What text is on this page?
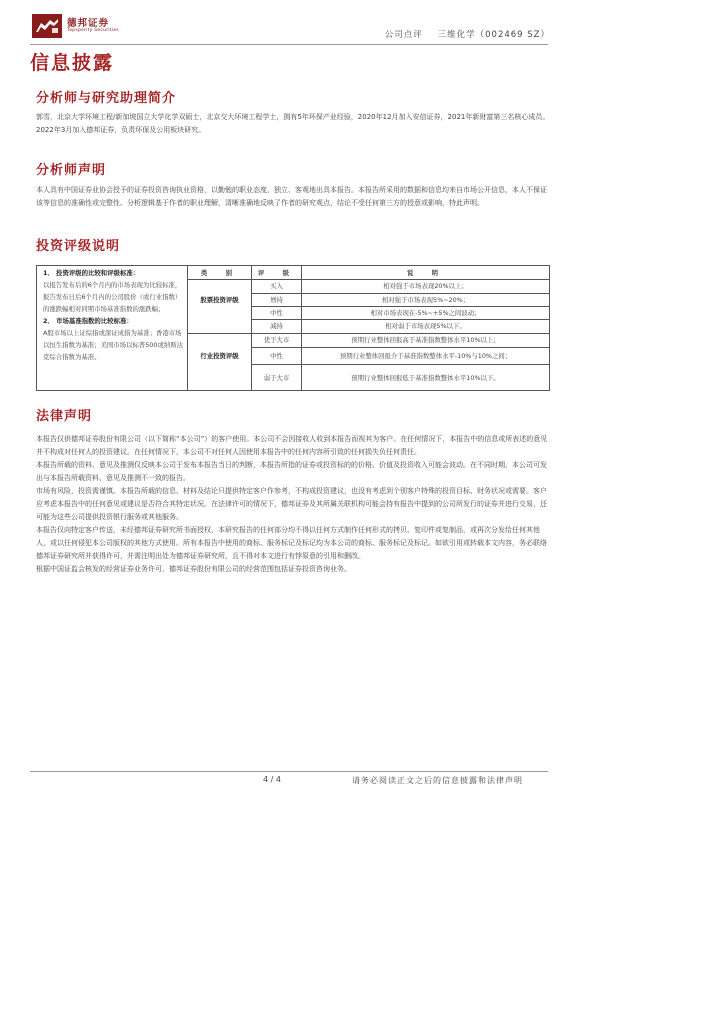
德邦证券
Topsperity Securities	公司点评 三维化学（002469 SZ）
信息披露
分析师与研究助理简介
郭雪，北京大学环境工程/新加坡国立大学化学双硕士，北京交大环境工程学士，拥有5年环保产业经验，2020年12月加入安信证券，2021年新财富第三名核心成员。2022年3月加入德邦证券，负责环保及公用板块研究。
分析师声明
本人具有中国证券业协会授予的证券投资咨询执业资格，以勤勉的职业态度，独立、客观地出具本报告。本报告所采用的数据和信息均来自市场公开信息，本人不保证该等信息的准确性或完整性。分析逻辑基于作者的职业理解，清晰准确地反映了作者的研究观点，结论不受任何第三方的授意或影响，特此声明。
投资评级说明
1． 投资评级的比较和评级标准：
以报告发布后的6个月内的市场表现为比较标准，报告发布日后6个月内的公司股价（或行业指数）的涨跌幅相对同期市场基准指数的涨跌幅；
2． 市场基准指数的比较标准：
A股市场以上证综指或深证成指为基准；香港市场以恒生指数为基准；美国市场以标普500或纳斯达克综合指数为基准。
类　别	评　级	说　明
股票投资评级
买入	相对强于市场表现20%以上；
增持	相对强于市场表现5%~20%；
中性	相对市场表现在-5%~+5%之间波动；
减持	相对弱于市场表现5%以下。
行业投资评级
优于大市	预期行业整体回报高于基准指数整体水平10%以上；
中性	预期行业整体回报介于基准指数整体水平-10%与10%之间；
弱于大市	预期行业整体回报低于基准指数整体水平10%以下。
法律声明

本报告仅供德邦证券股份有限公司（以下简称“本公司”）的客户使用。本公司不会因接收人收到本报告而视其为客户。在任何情况下，本报告中的信息或所表述的意见并不构成对任何人的投资建议。在任何情况下，本公司不对任何人因使用本报告中的任何内容所引致的任何损失负任何责任。

本报告所载的资料、意见及推测仅反映本公司于发布本报告当日的判断，本报告所指的证券或投资标的的价格、价值及投资收入可能会波动。在不同时期，本公司可发出与本报告所载资料、意见及推测不一致的报告。

市场有风险，投资需谨慎。本报告所载的信息、材料及结论只提供特定客户作参考，不构成投资建议，也没有考虑到个别客户特殊的投资目标、财务状况或需要。客户应考虑本报告中的任何意见或建议是否符合其特定状况。在法律许可的情况下，德邦证券及其所属关联机构可能会持有报告中提到的公司所发行的证券并进行交易，还可能为这些公司提供投资银行服务或其他服务。

本报告仅向特定客户传送，未经德邦证券研究所书面授权，本研究报告的任何部分均不得以任何方式制作任何形式的拷贝、复印件或复制品，或再次分发给任何其他人，或以任何侵犯本公司版权的其他方式使用。所有本报告中使用的商标、服务标记及标记均为本公司的商标、服务标记及标记。如欲引用或转载本文内容，务必联络德邦证券研究所并获得许可，并需注明出处为德邦证券研究所，且不得对本文进行有悖原意的引用和删改。

根据中国证监会核发的经营证券业务许可，德邦证券股份有限公司的经营范围包括证券投资咨询业务。

4 / 4	请务必阅读正文之后的信息披露和法律声明
